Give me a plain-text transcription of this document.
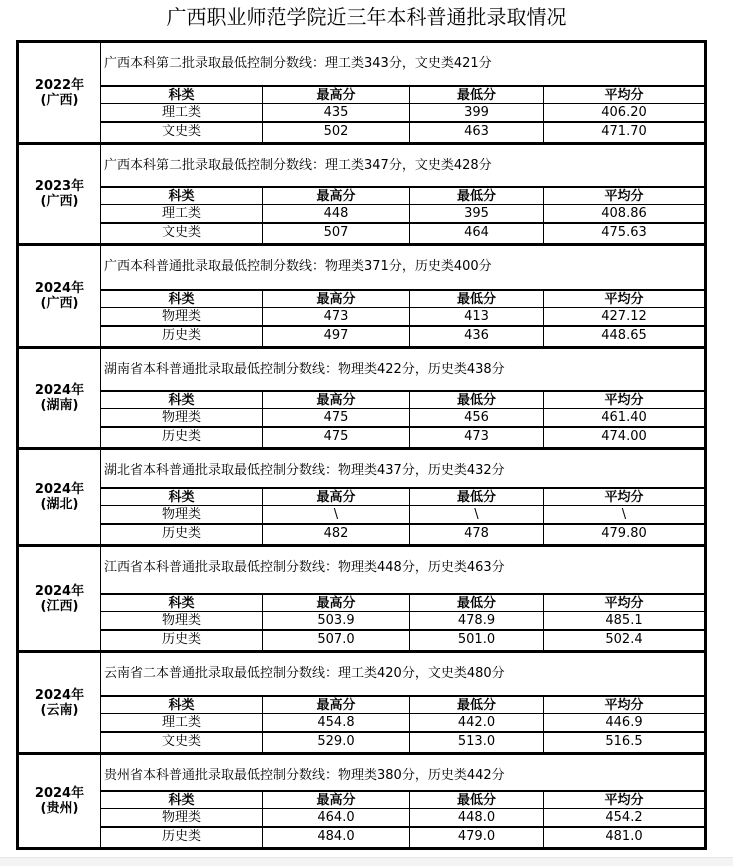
广西职业师范学院近三年本科普通批录取情况
2022年
(广西)
广西本科第二批录取最低控制分数线：理工类343分，文史类421分
科类	最高分	最低分	平均分
理工类	435	399	406.20
文史类	502	463	471.70
2023年
(广西)
广西本科第二批录取最低控制分数线：理工类347分，文史类428分
科类	最高分	最低分	平均分
理工类	448	395	408.86
文史类	507	464	475.63
2024年
(广西)
广西本科普通批录取最低控制分数线：物理类371分，历史类400分
科类	最高分	最低分	平均分
物理类	473	413	427.12
历史类	497	436	448.65
2024年
(湖南)
湖南省本科普通批录取最低控制分数线：物理类422分，历史类438分
科类	最高分	最低分	平均分
物理类	475	456	461.40
历史类	475	473	474.00
2024年
(湖北)
湖北省本科普通批录取最低控制分数线：物理类437分，历史类432分
科类	最高分	最低分	平均分
物理类	\	\	\
历史类	482	478	479.80
2024年
(江西)
江西省本科普通批录取最低控制分数线：物理类448分，历史类463分
科类	最高分	最低分	平均分
物理类	503.9	478.9	485.1
历史类	507.0	501.0	502.4
2024年
(云南)
云南省二本普通批录取最低控制分数线：理工类420分，文史类480分
科类	最高分	最低分	平均分
理工类	454.8	442.0	446.9
文史类	529.0	513.0	516.5
2024年
(贵州)
贵州省本科普通批录取最低控制分数线：物理类380分，历史类442分
科类	最高分	最低分	平均分
物理类	464.0	448.0	454.2
历史类	484.0	479.0	481.0
